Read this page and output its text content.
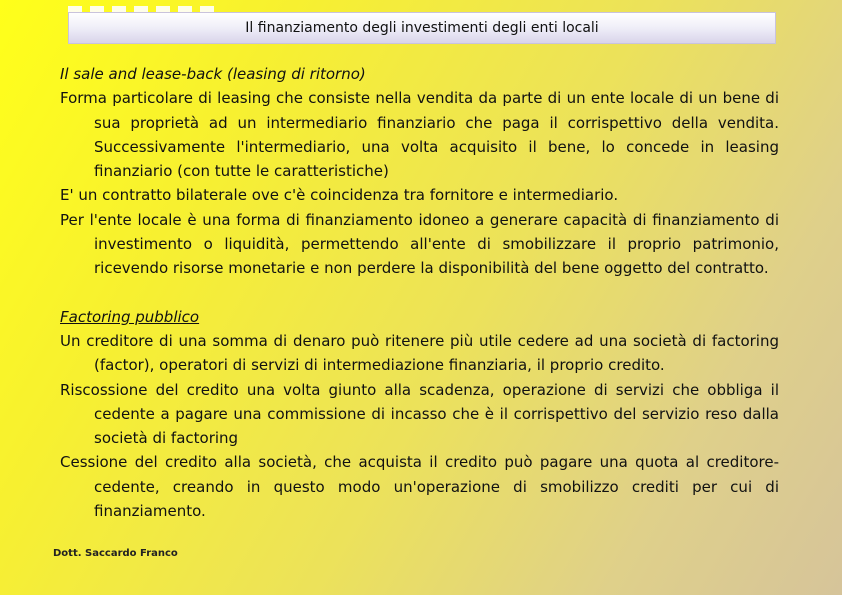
Il finanziamento degli investimenti degli enti locali
Il sale and lease-back (leasing di ritorno)
Forma particolare di leasing che consiste nella vendita da parte di un ente locale di un bene di sua proprietà ad un intermediario finanziario che paga il corrispettivo della vendita. Successivamente l'intermediario, una volta acquisito il bene, lo concede in leasing finanziario (con tutte le caratteristiche)
E' un contratto bilaterale ove c'è coincidenza tra fornitore e intermediario.
Per l'ente locale è una forma di finanziamento idoneo a generare capacità di finanziamento di investimento o liquidità, permettendo all'ente di smobilizzare il proprio patrimonio, ricevendo risorse monetarie e non perdere la disponibilità del bene oggetto del contratto.
Factoring pubblico
Un creditore di una somma di denaro può ritenere più utile cedere ad una società di factoring (factor), operatori di servizi di intermediazione finanziaria, il proprio credito.
Riscossione del credito una volta giunto alla scadenza, operazione di servizi che obbliga il cedente a pagare una commissione di incasso che è il corrispettivo del servizio reso dalla società di factoring
Cessione del credito alla società, che acquista il credito può pagare una quota al creditore-cedente, creando in questo modo un'operazione di smobilizzo crediti per cui di finanziamento.
Dott. Saccardo Franco
